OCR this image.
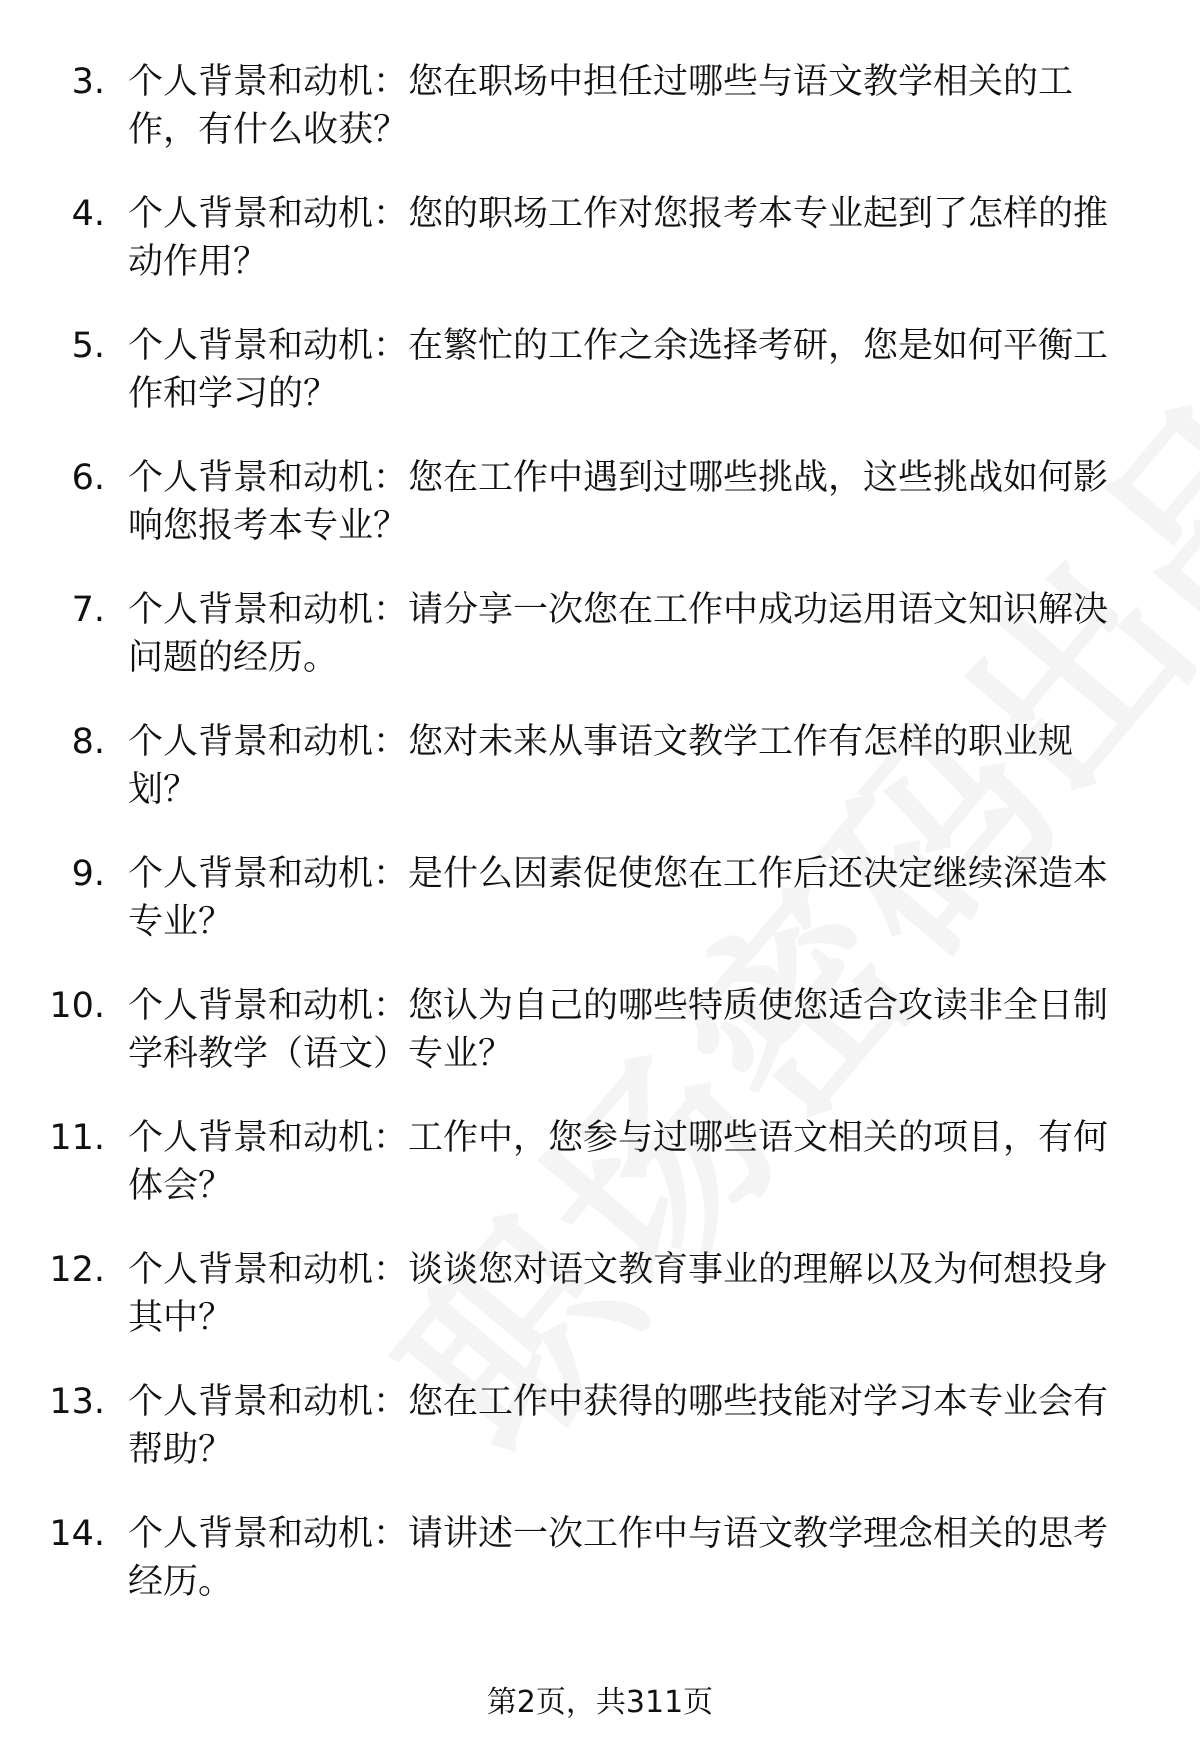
3. 个人背景和动机：您在职场中担任过哪些与语文教学相关的工作，有什么收获？
4. 个人背景和动机：您的职场工作对您报考本专业起到了怎样的推动作用？
5. 个人背景和动机：在繁忙的工作之余选择考研，您是如何平衡工作和学习的？
6. 个人背景和动机：您在工作中遇到过哪些挑战，这些挑战如何影响您报考本专业？
7. 个人背景和动机：请分享一次您在工作中成功运用语文知识解决问题的经历。
8. 个人背景和动机：您对未来从事语文教学工作有怎样的职业规划？
9. 个人背景和动机：是什么因素促使您在工作后还决定继续深造本专业？
10. 个人背景和动机：您认为自己的哪些特质使您适合攻读非全日制学科教学（语文）专业？
11. 个人背景和动机：工作中，您参与过哪些语文相关的项目，有何体会？
12. 个人背景和动机：谈谈您对语文教育事业的理解以及为何想投身其中？
13. 个人背景和动机：您在工作中获得的哪些技能对学习本专业会有帮助？
14. 个人背景和动机：请讲述一次工作中与语文教学理念相关的思考经历。
第2页，共311页
